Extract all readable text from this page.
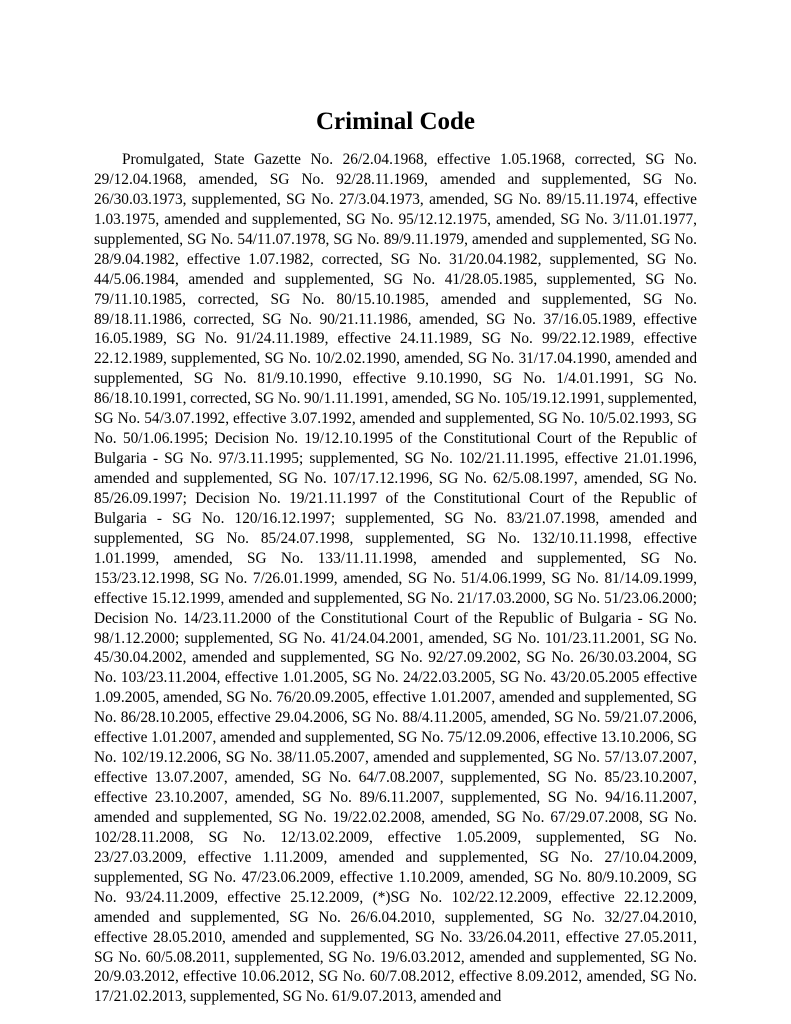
Criminal Code

Promulgated, State Gazette No. 26/2.04.1968, effective 1.05.1968, corrected, SG No. 29/12.04.1968, amended, SG No. 92/28.11.1969, amended and supplemented, SG No. 26/30.03.1973, supplemented, SG No. 27/3.04.1973, amended, SG No. 89/15.11.1974, effective 1.03.1975, amended and supplemented, SG No. 95/12.12.1975, amended, SG No. 3/11.01.1977, supplemented, SG No. 54/11.07.1978, SG No. 89/9.11.1979, amended and supplemented, SG No. 28/9.04.1982, effective 1.07.1982, corrected, SG No. 31/20.04.1982, supplemented, SG No. 44/5.06.1984, amended and supplemented, SG No. 41/28.05.1985, supplemented, SG No. 79/11.10.1985, corrected, SG No. 80/15.10.1985, amended and supplemented, SG No. 89/18.11.1986, corrected, SG No. 90/21.11.1986, amended, SG No. 37/16.05.1989, effective 16.05.1989, SG No. 91/24.11.1989, effective 24.11.1989, SG No. 99/22.12.1989, effective 22.12.1989, supplemented, SG No. 10/2.02.1990, amended, SG No. 31/17.04.1990, amended and supplemented, SG No. 81/9.10.1990, effective 9.10.1990, SG No. 1/4.01.1991, SG No. 86/18.10.1991, corrected, SG No. 90/1.11.1991, amended, SG No. 105/19.12.1991, supplemented, SG No. 54/3.07.1992, effective 3.07.1992, amended and supplemented, SG No. 10/5.02.1993, SG No. 50/1.06.1995; Decision No. 19/12.10.1995 of the Constitutional Court of the Republic of Bulgaria - SG No. 97/3.11.1995; supplemented, SG No. 102/21.11.1995, effective 21.01.1996, amended and supplemented, SG No. 107/17.12.1996, SG No. 62/5.08.1997, amended, SG No. 85/26.09.1997; Decision No. 19/21.11.1997 of the Constitutional Court of the Republic of Bulgaria - SG No. 120/16.12.1997; supplemented, SG No. 83/21.07.1998, amended and supplemented, SG No. 85/24.07.1998, supplemented, SG No. 132/10.11.1998, effective 1.01.1999, amended, SG No. 133/11.11.1998, amended and supplemented, SG No. 153/23.12.1998, SG No. 7/26.01.1999, amended, SG No. 51/4.06.1999, SG No. 81/14.09.1999, effective 15.12.1999, amended and supplemented, SG No. 21/17.03.2000, SG No. 51/23.06.2000; Decision No. 14/23.11.2000 of the Constitutional Court of the Republic of Bulgaria - SG No. 98/1.12.2000; supplemented, SG No. 41/24.04.2001, amended, SG No. 101/23.11.2001, SG No. 45/30.04.2002, amended and supplemented, SG No. 92/27.09.2002, SG No. 26/30.03.2004, SG No. 103/23.11.2004, effective 1.01.2005, SG No. 24/22.03.2005, SG No. 43/20.05.2005 effective 1.09.2005, amended, SG No. 76/20.09.2005, effective 1.01.2007, amended and supplemented, SG No. 86/28.10.2005, effective 29.04.2006, SG No. 88/4.11.2005, amended, SG No. 59/21.07.2006, effective 1.01.2007, amended and supplemented, SG No. 75/12.09.2006, effective 13.10.2006, SG No. 102/19.12.2006, SG No. 38/11.05.2007, amended and supplemented, SG No. 57/13.07.2007, effective 13.07.2007, amended, SG No. 64/7.08.2007, supplemented, SG No. 85/23.10.2007, effective 23.10.2007, amended, SG No. 89/6.11.2007, supplemented, SG No. 94/16.11.2007, amended and supplemented, SG No. 19/22.02.2008, amended, SG No. 67/29.07.2008, SG No. 102/28.11.2008, SG No. 12/13.02.2009, effective 1.05.2009, supplemented, SG No. 23/27.03.2009, effective 1.11.2009, amended and supplemented, SG No. 27/10.04.2009, supplemented, SG No. 47/23.06.2009, effective 1.10.2009, amended, SG No. 80/9.10.2009, SG No. 93/24.11.2009, effective 25.12.2009, (*)SG No. 102/22.12.2009, effective 22.12.2009, amended and supplemented, SG No. 26/6.04.2010, supplemented, SG No. 32/27.04.2010, effective 28.05.2010, amended and supplemented, SG No. 33/26.04.2011, effective 27.05.2011, SG No. 60/5.08.2011, supplemented, SG No. 19/6.03.2012, amended and supplemented, SG No. 20/9.03.2012, effective 10.06.2012, SG No. 60/7.08.2012, effective 8.09.2012, amended, SG No. 17/21.02.2013, supplemented, SG No. 61/9.07.2013, amended and
